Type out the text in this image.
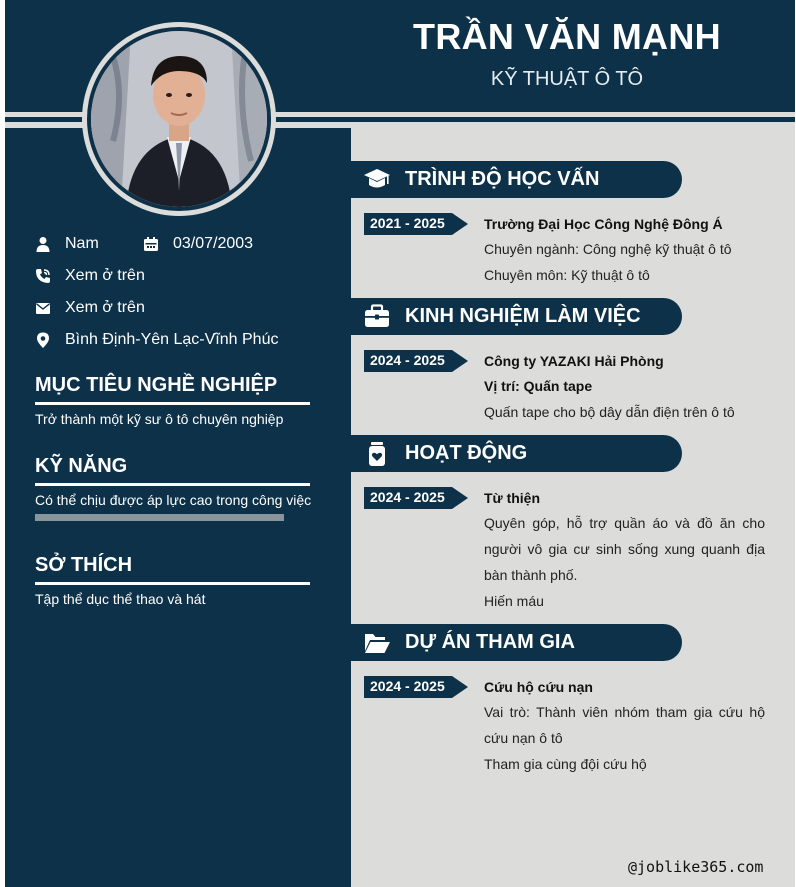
TRẦN VĂN MẠNH
KỸ THUẬT Ô TÔ
Nam	03/07/2003
Xem ở trên
Xem ở trên
Bình Định-Yên Lạc-Vĩnh Phúc
MỤC TIÊU NGHỀ NGHIỆP
Trở thành một kỹ sư ô tô chuyên nghiệp
KỸ NĂNG
Có thể chịu được áp lực cao trong công việc
SỞ THÍCH
Tập thể dục thể thao và hát
TRÌNH ĐỘ HỌC VẤN
2021 - 2025	Trường Đại Học Công Nghệ Đông Á
Chuyên ngành: Công nghệ kỹ thuật ô tô
Chuyên môn: Kỹ thuật ô tô
KINH NGHIỆM LÀM VIỆC
2024 - 2025	Công ty YAZAKI Hải Phòng
Vị trí: Quấn tape
Quấn tape cho bộ dây dẫn điện trên ô tô
HOẠT ĐỘNG
2024 - 2025	Từ thiện
Quyên góp, hỗ trợ quần áo và đồ ăn cho người vô gia cư sinh sống xung quanh địa bàn thành phố.
Hiến máu
DỰ ÁN THAM GIA
2024 - 2025	Cứu hộ cứu nạn
Vai trò: Thành viên nhóm tham gia cứu hộ cứu nạn ô tô
Tham gia cùng đội cứu hộ
@joblike365.com
